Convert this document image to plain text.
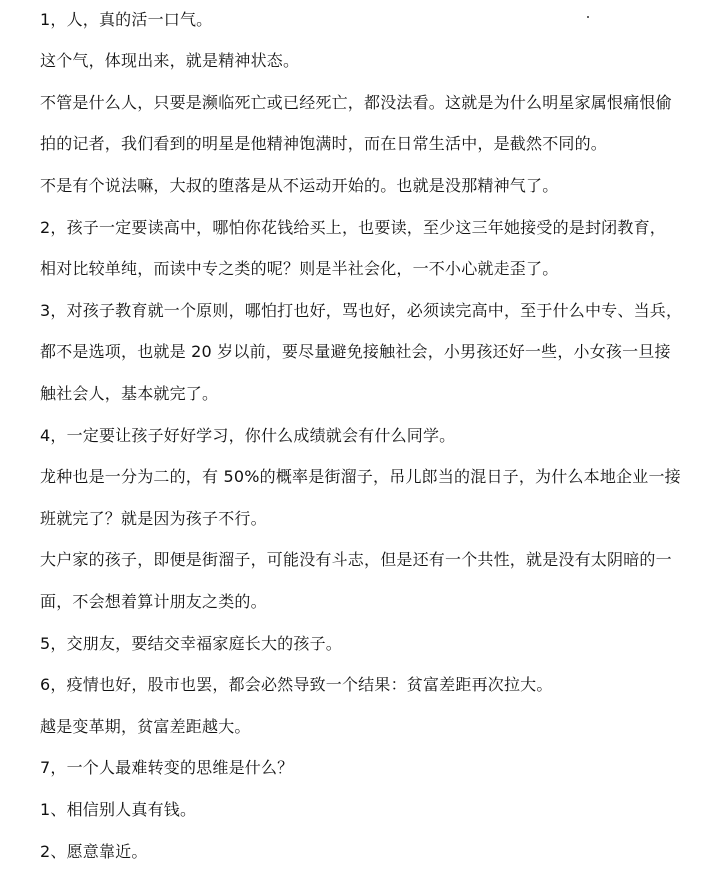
1，人，真的活一口气。
这个气，体现出来，就是精神状态。
不管是什么人，只要是濒临死亡或已经死亡，都没法看。这就是为什么明星家属恨痛恨偷
拍的记者，我们看到的明星是他精神饱满时，而在日常生活中，是截然不同的。
不是有个说法嘛，大叔的堕落是从不运动开始的。也就是没那精神气了。
2，孩子一定要读高中，哪怕你花钱给买上，也要读，至少这三年她接受的是封闭教育，
相对比较单纯，而读中专之类的呢？则是半社会化，一不小心就走歪了。
3，对孩子教育就一个原则，哪怕打也好，骂也好，必须读完高中，至于什么中专、当兵，
都不是选项，也就是 20 岁以前，要尽量避免接触社会，小男孩还好一些，小女孩一旦接
触社会人，基本就完了。
4，一定要让孩子好好学习，你什么成绩就会有什么同学。
龙种也是一分为二的，有 50%的概率是街溜子，吊儿郎当的混日子，为什么本地企业一接
班就完了？就是因为孩子不行。
大户家的孩子，即便是街溜子，可能没有斗志，但是还有一个共性，就是没有太阴暗的一
面，不会想着算计朋友之类的。
5，交朋友，要结交幸福家庭长大的孩子。
6，疫情也好，股市也罢，都会必然导致一个结果：贫富差距再次拉大。
越是变革期，贫富差距越大。
7，一个人最难转变的思维是什么？
1、相信别人真有钱。
2、愿意靠近。
